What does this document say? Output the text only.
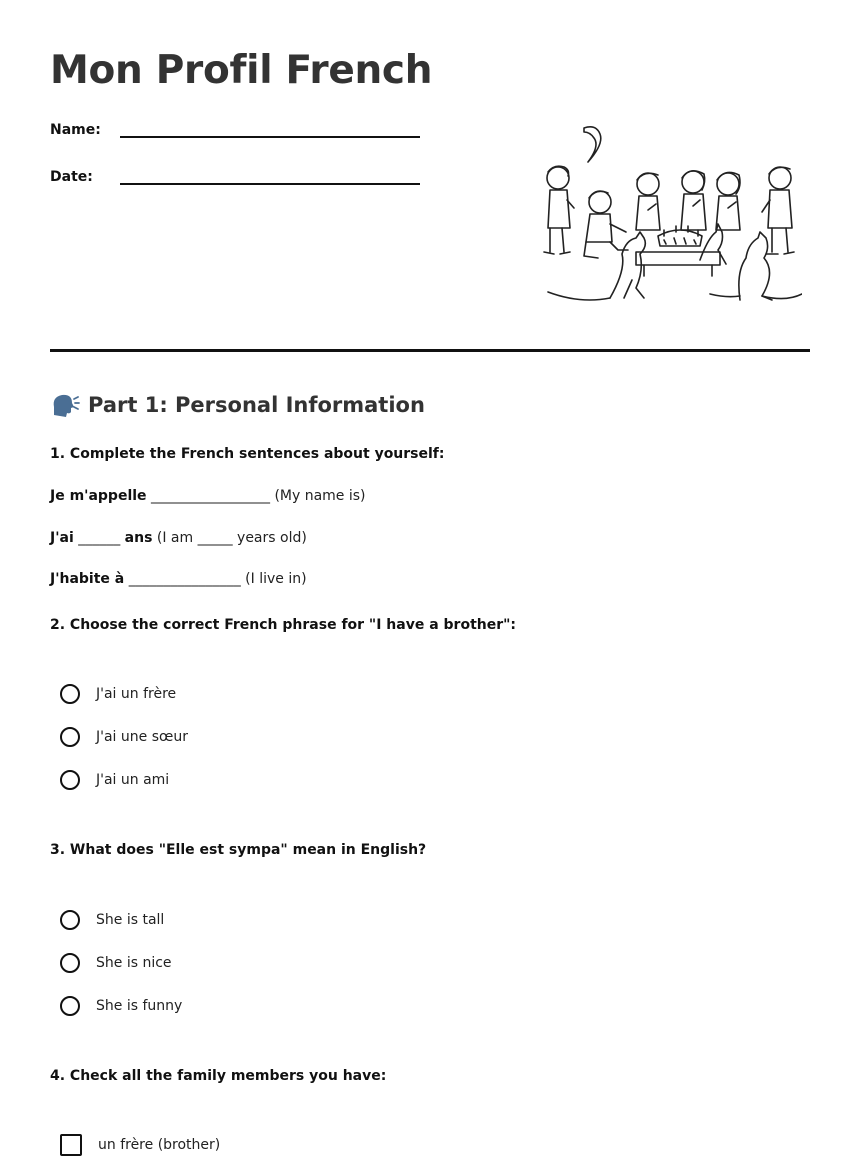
Mon Profil French
Name:
Date:
Part 1: Personal Information
1. Complete the French sentences about yourself:
Je m'appelle _________________ (My name is)
J'ai ______ ans (I am _____ years old)
J'habite à ________________ (I live in)
2. Choose the correct French phrase for "I have a brother":
J'ai un frère
J'ai une sœur
J'ai un ami
3. What does "Elle est sympa" mean in English?
She is tall
She is nice
She is funny
4. Check all the family members you have:
un frère (brother)
